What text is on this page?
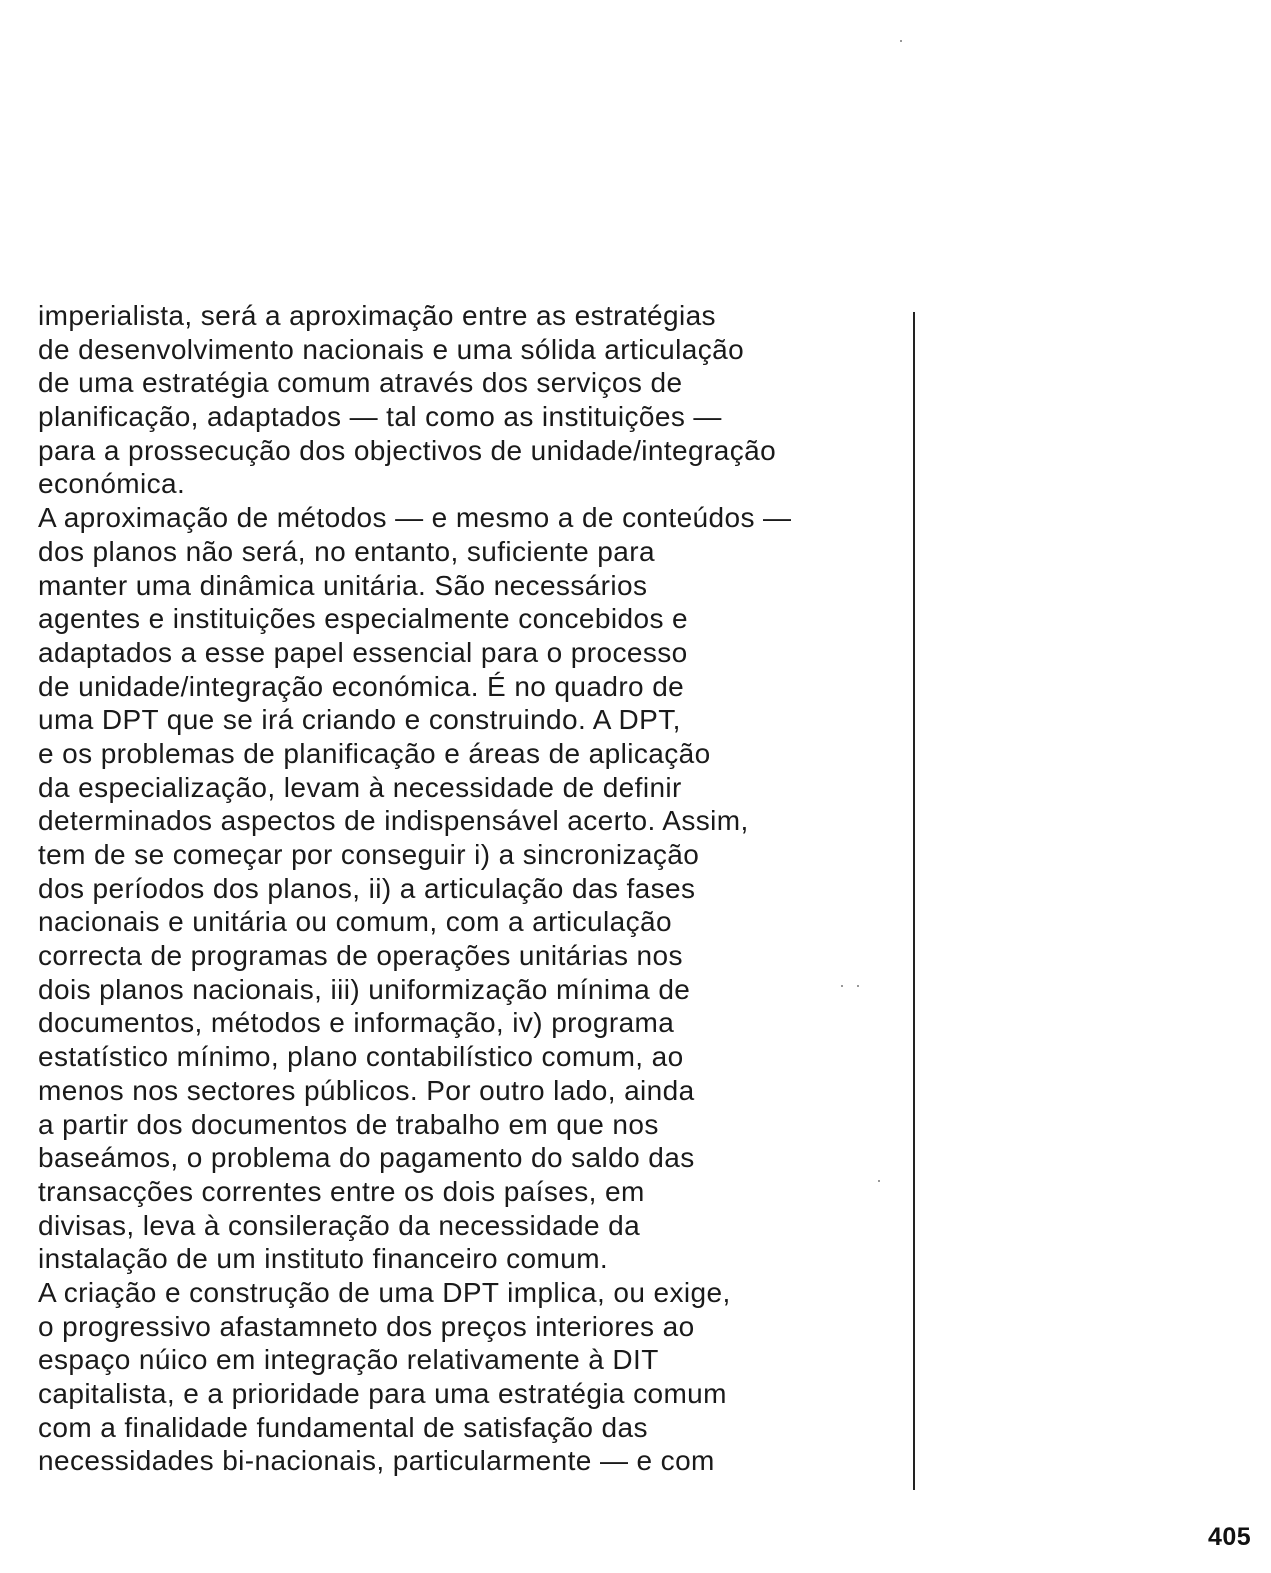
imperialista, será a aproximação entre as estratégias
de desenvolvimento nacionais e uma sólida articulação
de uma estratégia comum através dos serviços de
planificação, adaptados — tal como as instituições —
para a prossecução dos objectivos de unidade/integração
económica.
A aproximação de métodos — e mesmo a de conteúdos —
dos planos não será, no entanto, suficiente para
manter uma dinâmica unitária. São necessários
agentes e instituições especialmente concebidos e
adaptados a esse papel essencial para o processo
de unidade/integração económica. É no quadro de
uma DPT que se irá criando e construindo. A DPT,
e os problemas de planificação e áreas de aplicação
da especialização, levam à necessidade de definir
determinados aspectos de indispensável acerto. Assim,
tem de se começar por conseguir i) a sincronização
dos períodos dos planos, ii) a articulação das fases
nacionais e unitária ou comum, com a articulação
correcta de programas de operações unitárias nos
dois planos nacionais, iii) uniformização mínima de
documentos, métodos e informação, iv) programa
estatístico mínimo, plano contabilístico comum, ao
menos nos sectores públicos. Por outro lado, ainda
a partir dos documentos de trabalho em que nos
baseámos, o problema do pagamento do saldo das
transacções correntes entre os dois países, em
divisas, leva à consileração da necessidade da
instalação de um instituto financeiro comum.
A criação e construção de uma DPT implica, ou exige,
o progressivo afastamneto dos preços interiores ao
espaço núico em integração relativamente à DIT
capitalista, e a prioridade para uma estratégia comum
com a finalidade fundamental de satisfação das
necessidades bi-nacionais, particularmente — e com
405
